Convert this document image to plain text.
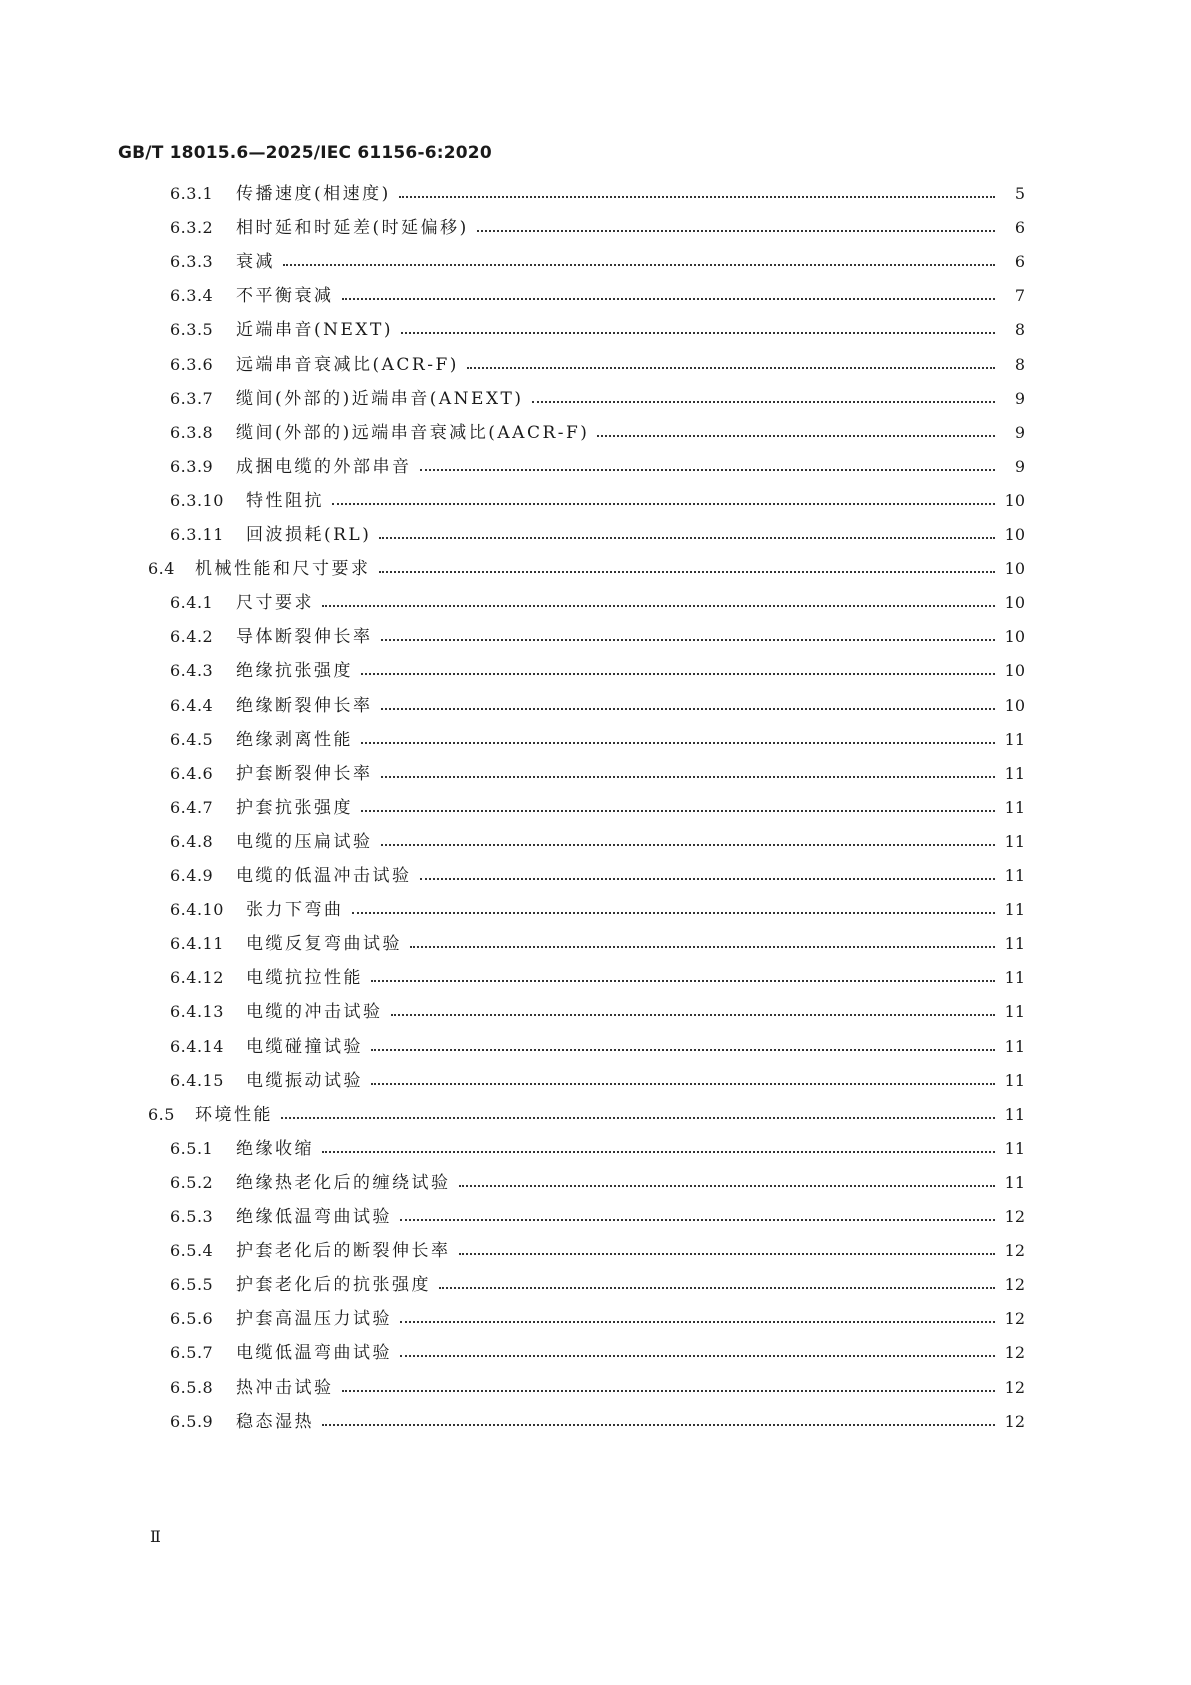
GB/T 18015.6—2025/IEC 61156-6:2020
6.3.1	传播速度(相速度)	5
6.3.2	相时延和时延差(时延偏移)	6
6.3.3	衰减	6
6.3.4	不平衡衰减	7
6.3.5	近端串音(NEXT)	8
6.3.6	远端串音衰减比(ACR-F)	8
6.3.7	缆间(外部的)近端串音(ANEXT)	9
6.3.8	缆间(外部的)远端串音衰减比(AACR-F)	9
6.3.9	成捆电缆的外部串音	9
6.3.10	特性阻抗	10
6.3.11	回波损耗(RL)	10
6.4	机械性能和尺寸要求	10
6.4.1	尺寸要求	10
6.4.2	导体断裂伸长率	10
6.4.3	绝缘抗张强度	10
6.4.4	绝缘断裂伸长率	10
6.4.5	绝缘剥离性能	11
6.4.6	护套断裂伸长率	11
6.4.7	护套抗张强度	11
6.4.8	电缆的压扁试验	11
6.4.9	电缆的低温冲击试验	11
6.4.10	张力下弯曲	11
6.4.11	电缆反复弯曲试验	11
6.4.12	电缆抗拉性能	11
6.4.13	电缆的冲击试验	11
6.4.14	电缆碰撞试验	11
6.4.15	电缆振动试验	11
6.5	环境性能	11
6.5.1	绝缘收缩	11
6.5.2	绝缘热老化后的缠绕试验	11
6.5.3	绝缘低温弯曲试验	12
6.5.4	护套老化后的断裂伸长率	12
6.5.5	护套老化后的抗张强度	12
6.5.6	护套高温压力试验	12
6.5.7	电缆低温弯曲试验	12
6.5.8	热冲击试验	12
6.5.9	稳态湿热	12
Ⅱ
